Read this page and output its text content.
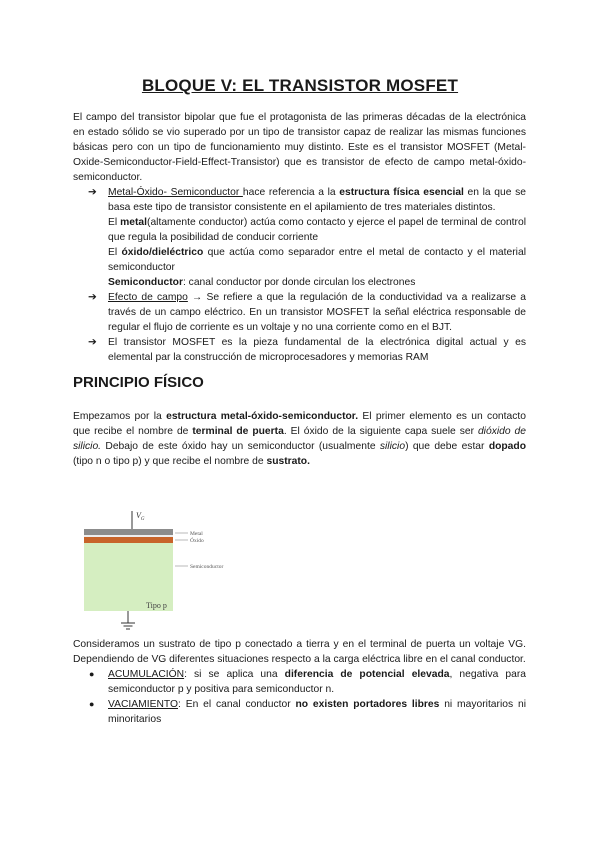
BLOQUE V: EL TRANSISTOR MOSFET

El campo del transistor bipolar que fue el protagonista de las primeras décadas de la electrónica en estado sólido se vio superado por un tipo de transistor capaz de realizar las mismas funciones básicas pero con un tipo de funcionamiento muy distinto. Este es el transistor MOSFET (Metal-Oxide-Semiconductor-Field-Effect-Transistor) que es transistor de efecto de campo metal-óxido-semiconductor.

➔ Metal-Óxido- Semiconductor hace referencia a la estructura física esencial en la que se basa este tipo de transistor consistente en el apilamiento de tres materiales distintos.
El metal(altamente conductor) actúa como contacto y ejerce el papel de terminal de control que regula la posibilidad de conducir corriente
El óxido/dieléctrico que actúa como separador entre el metal de contacto y el material semiconductor
Semiconductor: canal conductor por donde circulan los electrones
➔ Efecto de campo → Se refiere a que la regulación de la conductividad va a realizarse a través de un campo eléctrico. En un transistor MOSFET la señal eléctrica responsable de regular el flujo de corriente es un voltaje y no una corriente como en el BJT.
➔ El transistor MOSFET es la pieza fundamental de la electrónica digital actual y es elemental par la construcción de microprocesadores y memorias RAM
PRINCIPIO FÍSICO

Empezamos por la estructura metal-óxido-semiconductor. El primer elemento es un contacto que recibe el nombre de terminal de puerta. El óxido de la siguiente capa suele ser dióxido de silicio. Debajo de este óxido hay un semiconductor (usualmente silicio) que debe estar dopado (tipo n o tipo p) y que recibe el nombre de sustrato.

$V_G$
Metal
Óxido
Semiconductor
Tipo p

Consideramos un sustrato de tipo p conectado a tierra y en el terminal de puerta un voltaje VG. Dependiendo de VG diferentes situaciones respecto a la carga eléctrica libre en el canal conductor.

● ACUMULACIÓN: si se aplica una diferencia de potencial elevada, negativa para semiconductor p y positiva para semiconductor n.
● VACIAMIENTO: En el canal conductor no existen portadores libres ni mayoritarios ni minoritarios
